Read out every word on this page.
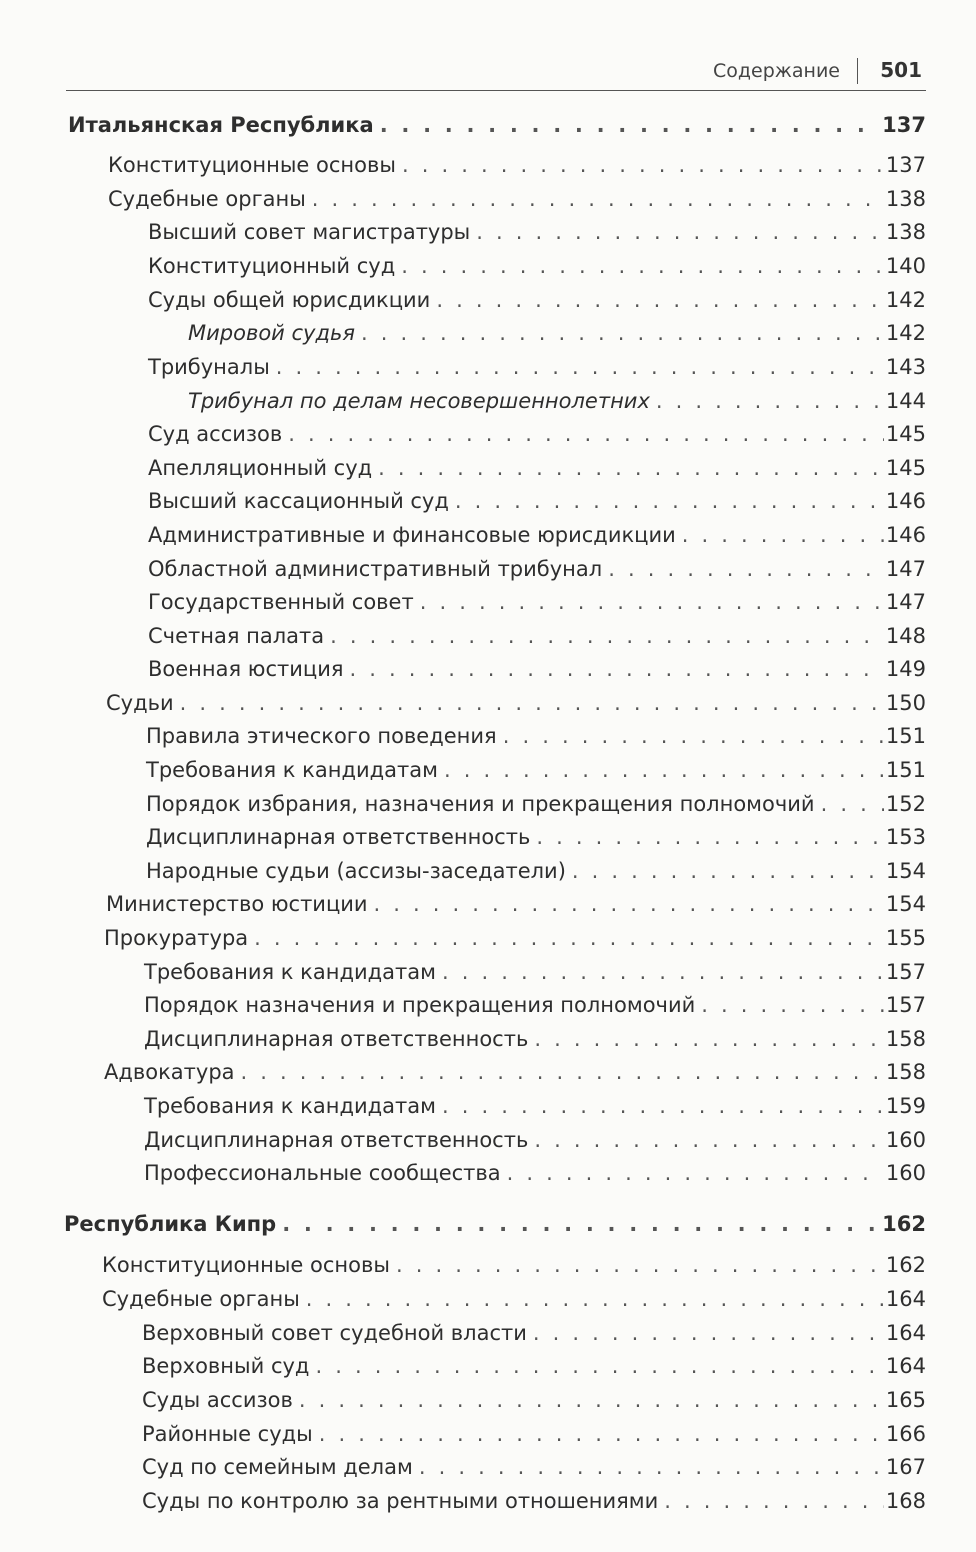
Содержание 501
Итальянская Республика . . .	137
Конституционные основы . . .	137
Судебные органы . . .	138
Высший совет магистратуры . . .	138
Конституционный суд . . .	140
Суды общей юрисдикции . . .	142
Мировой судья . . .	142
Трибуналы . . .	143
Трибунал по делам несовершеннолетних . . .	144
Суд ассизов . . .	145
Апелляционный суд . . .	145
Высший кассационный суд . . .	146
Административные и финансовые юрисдикции . . .	146
Областной административный трибунал . . .	147
Государственный совет . . .	147
Счетная палата . . .	148
Военная юстиция . . .	149
Судьи . . .	150
Правила этического поведения . . .	151
Требования к кандидатам . . .	151
Порядок избрания, назначения и прекращения полномочий . . .	152
Дисциплинарная ответственность . . .	153
Народные судьи (ассизы-заседатели) . . .	154
Министерство юстиции . . .	154
Прокуратура . . .	155
Требования к кандидатам . . .	157
Порядок назначения и прекращения полномочий . . .	157
Дисциплинарная ответственность . . .	158
Адвокатура . . .	158
Требования к кандидатам . . .	159
Дисциплинарная ответственность . . .	160
Профессиональные сообщества . . .	160
Республика Кипр . . .	162
Конституционные основы . . .	162
Судебные органы . . .	164
Верховный совет судебной власти . . .	164
Верховный суд . . .	164
Суды ассизов . . .	165
Районные суды . . .	166
Суд по семейным делам . . .	167
Суды по контролю за рентными отношениями . . .	168
